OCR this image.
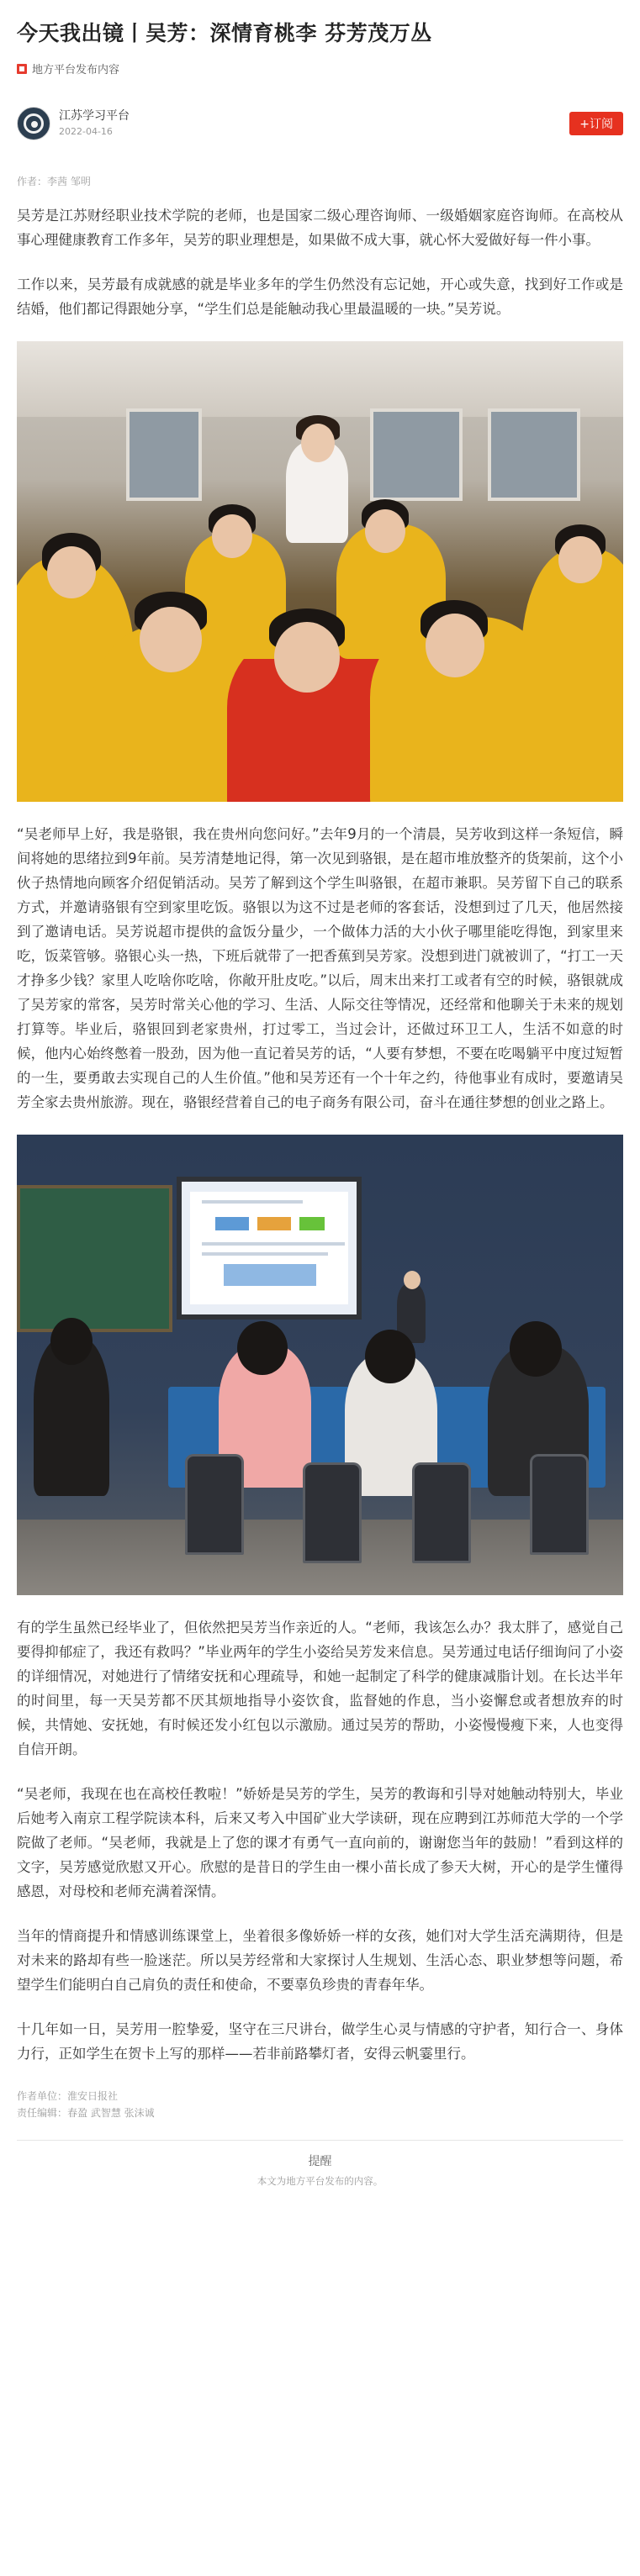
今天我出镜丨吴芳：深情育桃李 芬芳茂万丛
地方平台发布内容
江苏学习平台
2022-04-16
+订阅
作者：李茜 邹明

吴芳是江苏财经职业技术学院的老师，也是国家二级心理咨询师、一级婚姻家庭咨询师。在高校从事心理健康教育工作多年，吴芳的职业理想是，如果做不成大事，就心怀大爱做好每一件小事。

工作以来，吴芳最有成就感的就是毕业多年的学生仍然没有忘记她，开心或失意，找到好工作或是结婚，他们都记得跟她分享，“学生们总是能触动我心里最温暖的一块。”吴芳说。

“吴老师早上好，我是骆银，我在贵州向您问好。”去年9月的一个清晨，吴芳收到这样一条短信，瞬间将她的思绪拉到9年前。吴芳清楚地记得，第一次见到骆银，是在超市堆放整齐的货架前，这个小伙子热情地向顾客介绍促销活动。吴芳了解到这个学生叫骆银，在超市兼职。吴芳留下自己的联系方式，并邀请骆银有空到家里吃饭。骆银以为这不过是老师的客套话，没想到过了几天，他居然接到了邀请电话。吴芳说超市提供的盒饭分量少，一个做体力活的大小伙子哪里能吃得饱，到家里来吃，饭菜管够。骆银心头一热，下班后就带了一把香蕉到吴芳家。没想到进门就被训了，“打工一天才挣多少钱？家里人吃啥你吃啥，你敞开肚皮吃。”以后，周末出来打工或者有空的时候，骆银就成了吴芳家的常客，吴芳时常关心他的学习、生活、人际交往等情况，还经常和他聊关于未来的规划打算等。毕业后，骆银回到老家贵州，打过零工，当过会计，还做过环卫工人，生活不如意的时候，他内心始终憋着一股劲，因为他一直记着吴芳的话，“人要有梦想，不要在吃喝躺平中度过短暂的一生，要勇敢去实现自己的人生价值。”他和吴芳还有一个十年之约，待他事业有成时，要邀请吴芳全家去贵州旅游。现在，骆银经营着自己的电子商务有限公司，奋斗在通往梦想的创业之路上。

有的学生虽然已经毕业了，但依然把吴芳当作亲近的人。“老师，我该怎么办？我太胖了，感觉自己要得抑郁症了，我还有救吗？”毕业两年的学生小姿给吴芳发来信息。吴芳通过电话仔细询问了小姿的详细情况，对她进行了情绪安抚和心理疏导，和她一起制定了科学的健康减脂计划。在长达半年的时间里，每一天吴芳都不厌其烦地指导小姿饮食，监督她的作息，当小姿懈怠或者想放弃的时候，共情她、安抚她，有时候还发小红包以示激励。通过吴芳的帮助，小姿慢慢瘦下来，人也变得自信开朗。

“吴老师，我现在也在高校任教啦！”娇娇是吴芳的学生，吴芳的教诲和引导对她触动特别大，毕业后她考入南京工程学院读本科，后来又考入中国矿业大学读研，现在应聘到江苏师范大学的一个学院做了老师。“吴老师，我就是上了您的课才有勇气一直向前的，谢谢您当年的鼓励！”看到这样的文字，吴芳感觉欣慰又开心。欣慰的是昔日的学生由一棵小苗长成了参天大树，开心的是学生懂得感恩，对母校和老师充满着深情。

当年的情商提升和情感训练课堂上，坐着很多像娇娇一样的女孩，她们对大学生活充满期待，但是对未来的路却有些一脸迷茫。所以吴芳经常和大家探讨人生规划、生活心态、职业梦想等问题，希望学生们能明白自己肩负的责任和使命，不要辜负珍贵的青春年华。

十几年如一日，吴芳用一腔挚爱，坚守在三尺讲台，做学生心灵与情感的守护者，知行合一、身体力行，正如学生在贺卡上写的那样——若非前路攀灯者，安得云帆霎里行。

作者单位：淮安日报社
责任编辑：春盈 武智慧 张沫诚
提醒
本文为地方平台发布的内容。
